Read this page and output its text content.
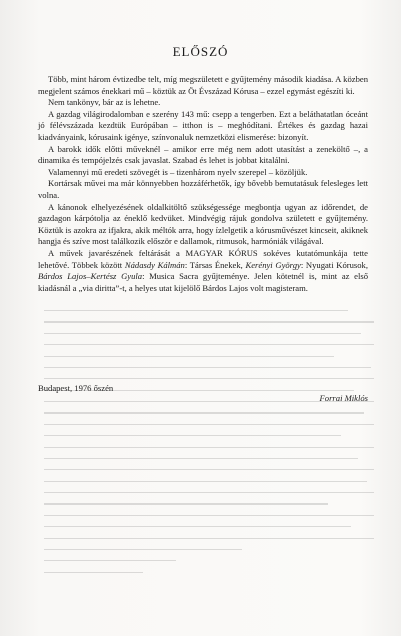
ELŐSZÓ

Több, mint három évtizedbe telt, míg megszületett e gyűjtemény második kiadása. A közben megjelent számos énekkari mű – köztük az Öt Évszázad Kórusa – ezzel egymást egészíti ki.

Nem tankönyv, bár az is lehetne.

A gazdag világirodalomban e szerény 143 mű: csepp a tengerben. Ezt a beláthatatlan óceánt jó félévszázada kezdtük Európában – itthon is – meghódítani. Értékes és gazdag hazai kiadványaink, kórusaink igénye, színvonaluk nemzetközi elismerése: bizonyít.

A barokk idők előtti műveknél – amikor erre még nem adott utasítást a zeneköltő –, a dinamika és tempójelzés csak javaslat. Szabad és lehet is jobbat kitalálni.

Valamennyi mű eredeti szövegét is – tizenhárom nyelv szerepel – közöljük.

Kortársak művei ma már könnyebben hozzáférhetők, így bővebb bemutatásuk felesleges lett volna.

A kánonok elhelyezésének oldalkitöltő szükségessége megbontja ugyan az időrendet, de gazdagon kárpótolja az éneklő kedvüket. Mindvégig rájuk gondolva született e gyűjtemény. Köztük is azokra az ifjakra, akik méltók arra, hogy ízlelgetik a kórusművészet kincseit, akiknek hangja és szíve most találkozik először e dallamok, ritmusok, harmóniák világával.

A művek javarészének feltárását a MAGYAR KÓRUS sokéves kutatómunkája tette lehetővé. Többek között Nádasdy Kálmán: Társas Énekek, Kerényi György: Nyugati Kórusok, Bárdos Lajos–Kertész Gyula: Musica Sacra gyűjteménye. Jelen kötetnél is, mint az első kiadásnál a „via diritta”-t, a helyes utat kijelölő Bárdos Lajos volt magisteram.

Budapest, 1976 őszén
Forrai Miklós
